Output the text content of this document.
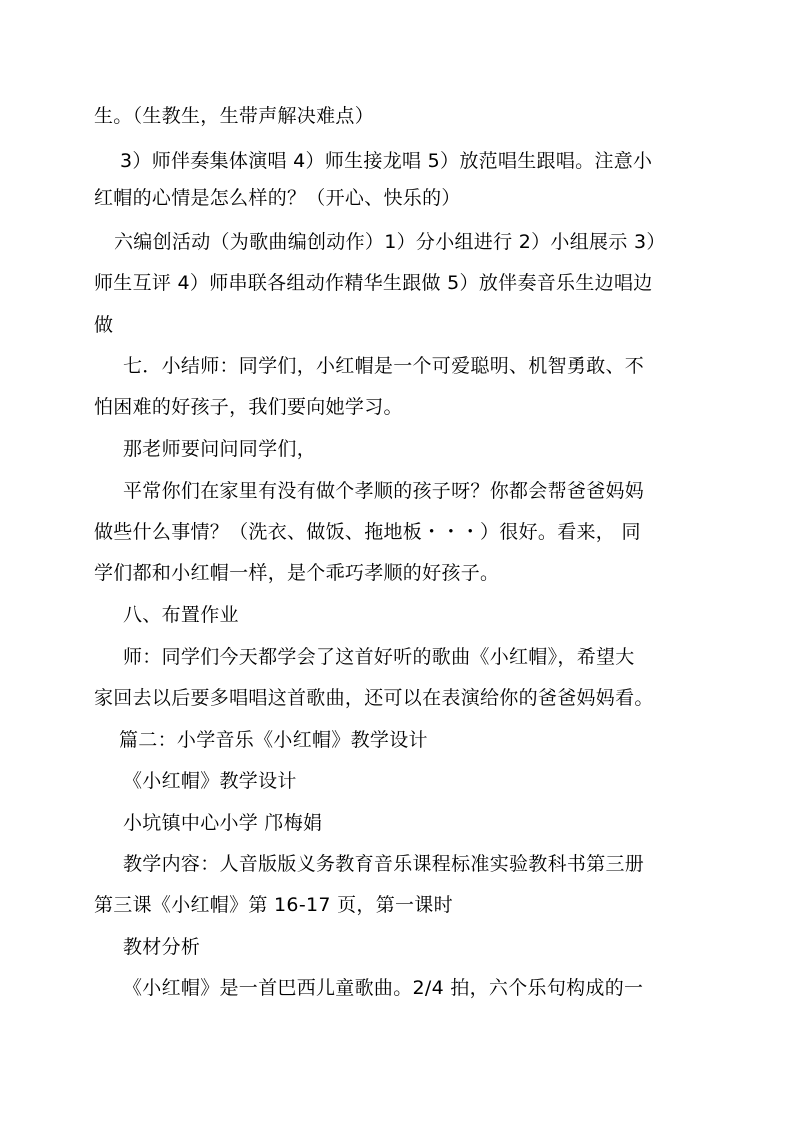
生。（生教生，生带声解决难点）
3）师伴奏集体演唱 4）师生接龙唱 5）放范唱生跟唱。注意小
红帽的心情是怎么样的？（开心、快乐的）
六编创活动（为歌曲编创动作）1）分小组进行 2）小组展示 3）
师生互评 4）师串联各组动作精华生跟做 5）放伴奏音乐生边唱边
做
七．小结师：同学们，小红帽是一个可爱聪明、机智勇敢、不
怕困难的好孩子，我们要向她学习。
那老师要问问同学们，
平常你们在家里有没有做个孝顺的孩子呀？你都会帮爸爸妈妈
做些什么事情？（洗衣、做饭、拖地板・・・）很好。看来， 同
学们都和小红帽一样，是个乖巧孝顺的好孩子。
八、布置作业
师：同学们今天都学会了这首好听的歌曲《小红帽》，希望大
家回去以后要多唱唱这首歌曲，还可以在表演给你的爸爸妈妈看。
篇二：小学音乐《小红帽》教学设计
《小红帽》教学设计
小坑镇中心小学 邝梅娟
教学内容：人音版版义务教育音乐课程标准实验教科书第三册
第三课《小红帽》第 16-17 页，第一课时
教材分析
《小红帽》是一首巴西儿童歌曲。2/4 拍，六个乐句构成的一
